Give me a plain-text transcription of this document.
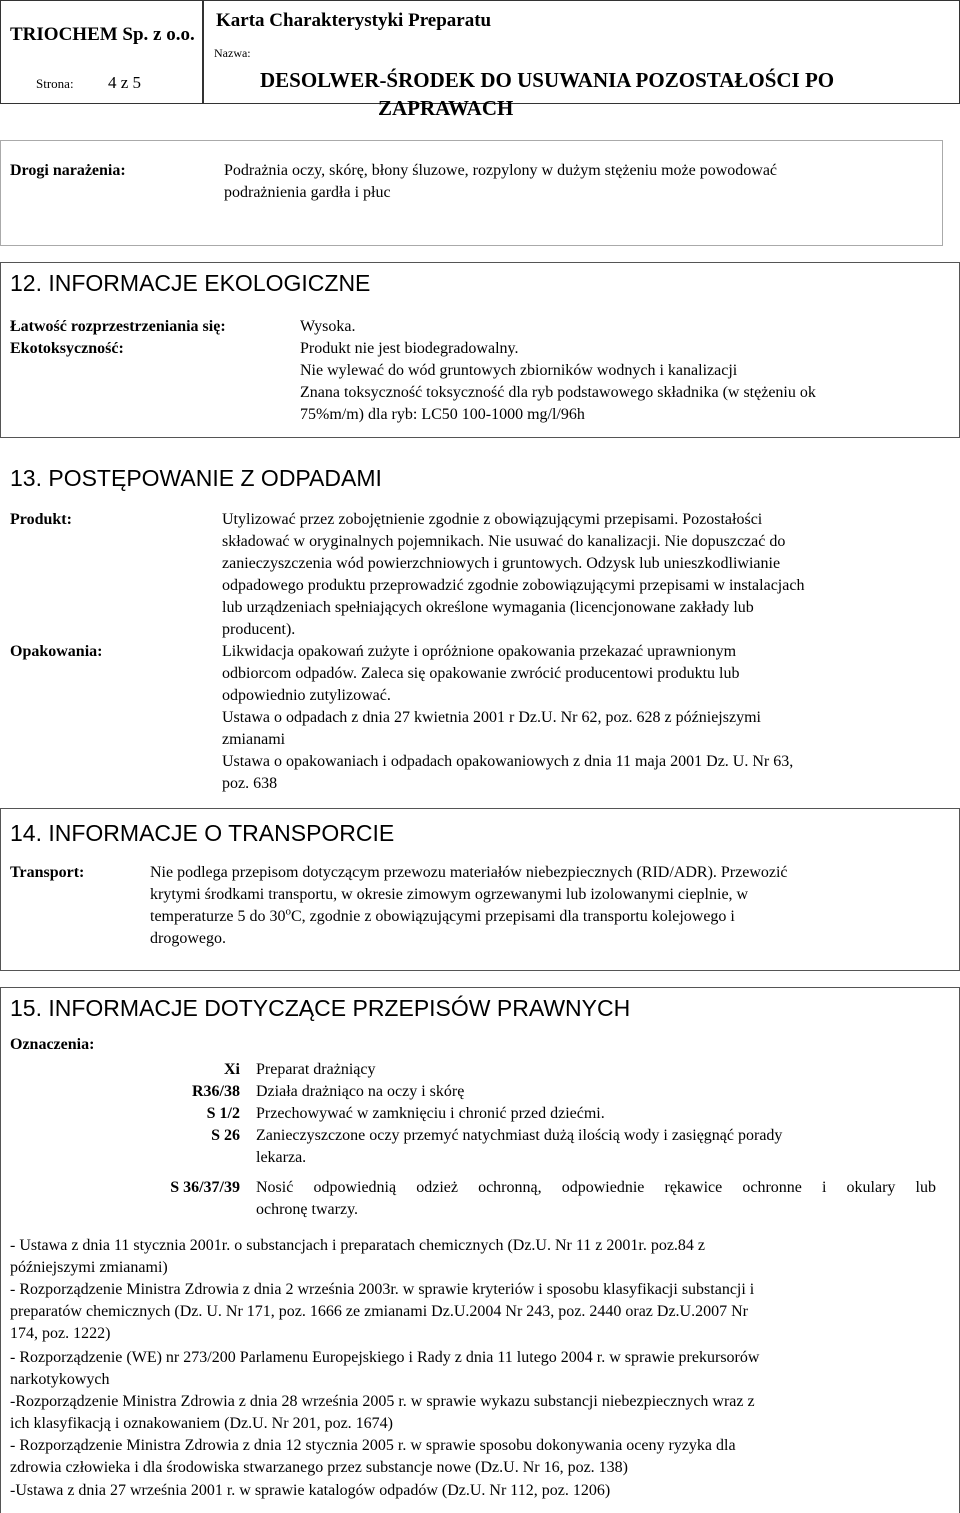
TRIOCHEM Sp. z o.o.
Strona: 4 z 5
Karta Charakterystyki Preparatu
Nazwa:
DESOLWER-ŚRODEK DO USUWANIA POZOSTAŁOŚCI PO
ZAPRAWACH
Drogi narażenia:	Podrażnia oczy, skórę, błony śluzowe, rozpylony w dużym stężeniu może powodować
podrażnienia gardła i płuc
12. INFORMACJE EKOLOGICZNE
Łatwość rozprzestrzeniania się:
Ekotoksyczność:
Wysoka.
Produkt nie jest biodegradowalny.
Nie wylewać do wód gruntowych zbiorników wodnych i kanalizacji
Znana toksyczność toksyczność dla ryb podstawowego składnika (w stężeniu ok
75%m/m) dla ryb: LC50 100-1000 mg/l/96h
13. POSTĘPOWANIE Z ODPADAMI
Produkt:
Opakowania:
Utylizować przez zobojętnienie zgodnie z obowiązującymi przepisami. Pozostałości
składować w oryginalnych pojemnikach. Nie usuwać do kanalizacji. Nie dopuszczać do
zanieczyszczenia wód powierzchniowych i gruntowych. Odzysk lub unieszkodliwianie
odpadowego produktu przeprowadzić zgodnie zobowiązującymi przepisami w instalacjach
lub urządzeniach spełniających określone wymagania (licencjonowane zakłady lub
producent).
Likwidacja opakowań zużyte i opróżnione opakowania przekazać uprawnionym
odbiorcom odpadów. Zaleca się opakowanie zwrócić producentowi produktu lub
odpowiednio zutylizować.
Ustawa o odpadach z dnia 27 kwietnia 2001 r Dz.U. Nr 62, poz. 628 z późniejszymi
zmianami
Ustawa o opakowaniach i odpadach opakowaniowych z dnia 11 maja 2001 Dz. U. Nr 63,
poz. 638
14. INFORMACJE O TRANSPORCIE
Transport:	Nie podlega przepisom dotyczącym przewozu materiałów niebezpiecznych (RID/ADR). Przewozić
krytymi środkami transportu, w okresie zimowym ogrzewanymi lub izolowanymi cieplnie, w
temperaturze 5 do 30$^o$C, zgodnie z obowiązującymi przepisami dla transportu kolejowego i
drogowego.
15. INFORMACJE DOTYCZĄCE PRZEPISÓW PRAWNYCH
Oznaczenia:
Xi Preparat drażniący
R36/38 Działa drażniąco na oczy i skórę
S 1/2 Przechowywać w zamknięciu i chronić przed dziećmi.
S 26 Zanieczyszczone oczy przemyć natychmiast dużą ilością wody i zasięgnąć porady
lekarza.
S 36/37/39 Nosić odpowiednią odzież ochronną, odpowiednie rękawice ochronne i okulary lub
ochronę twarzy.
- Ustawa z dnia 11 stycznia 2001r. o substancjach i preparatach chemicznych (Dz.U. Nr 11 z 2001r. poz.84 z
późniejszymi zmianami)
- Rozporządzenie Ministra Zdrowia z dnia 2 września 2003r. w sprawie kryteriów i sposobu klasyfikacji substancji i
preparatów chemicznych (Dz. U. Nr 171, poz. 1666 ze zmianami Dz.U.2004 Nr 243, poz. 2440 oraz Dz.U.2007 Nr
174, poz. 1222)
- Rozporządzenie (WE) nr 273/200 Parlamenu Europejskiego i Rady z dnia 11 lutego 2004 r. w sprawie prekursorów
narkotykowych
-Rozporządzenie Ministra Zdrowia z dnia 28 września 2005 r. w sprawie wykazu substancji niebezpiecznych wraz z
ich klasyfikacją i oznakowaniem (Dz.U. Nr 201, poz. 1674)
- Rozporządzenie Ministra Zdrowia z dnia 12 stycznia 2005 r. w sprawie sposobu dokonywania oceny ryzyka dla
zdrowia człowieka i dla środowiska stwarzanego przez substancje nowe (Dz.U. Nr 16, poz. 138)
-Ustawa z dnia 27 września 2001 r. w sprawie katalogów odpadów (Dz.U. Nr 112, poz. 1206)
